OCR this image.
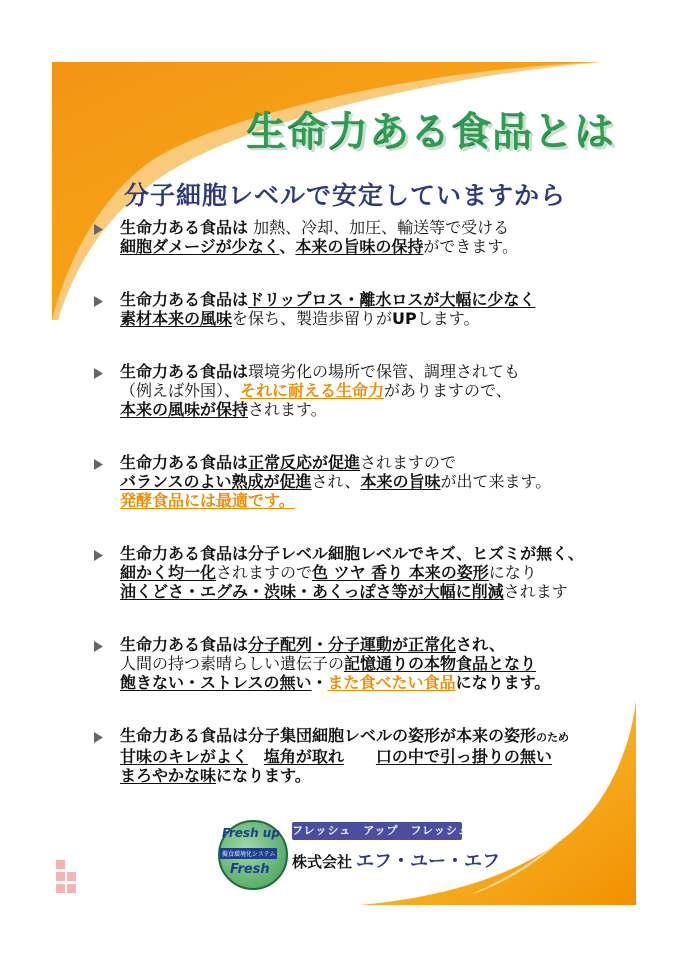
生命力ある食品とは
分子細胞レベルで安定していますから
生命力ある食品は 加熱、冷却、加圧、輸送等で受ける
細胞ダメージが少なく、本来の旨味の保持ができます。
生命力ある食品はドリップロス・離水ロスが大幅に少なく
素材本来の風味を保ち、製造歩留りがUPします。
生命力ある食品は環境劣化の場所で保管、調理されても
（例えば外国）、それに耐える生命力がありますので、
本来の風味が保持されます。
生命力ある食品は正常反応が促進されますので
バランスのよい熟成が促進され、本来の旨味が出て来ます。
発酵食品には最適です。
生命力ある食品は分子レベル細胞レベルでキズ、ヒズミが無く、
細かく均一化されますので色 ツヤ 香り 本来の姿形になり
油くどさ・エグみ・渋味・あくっぽさ等が大幅に削減されます
生命力ある食品は分子配列・分子運動が正常化され、
人間の持つ素晴らしい遺伝子の記憶通りの本物食品となり
飽きない・ストレスの無い・また食べたい食品になります。
生命力ある食品は分子集団細胞レベルの姿形が本来の姿形のため
甘味のキレがよく　 塩角が取れ　　 口の中で引っ掛りの無い
まろやかな味になります。
Fresh up
擬食環境化システム
Fresh
フレッシュ　アップ　フレッシュ
株式会社 エフ・ユー・エフ
